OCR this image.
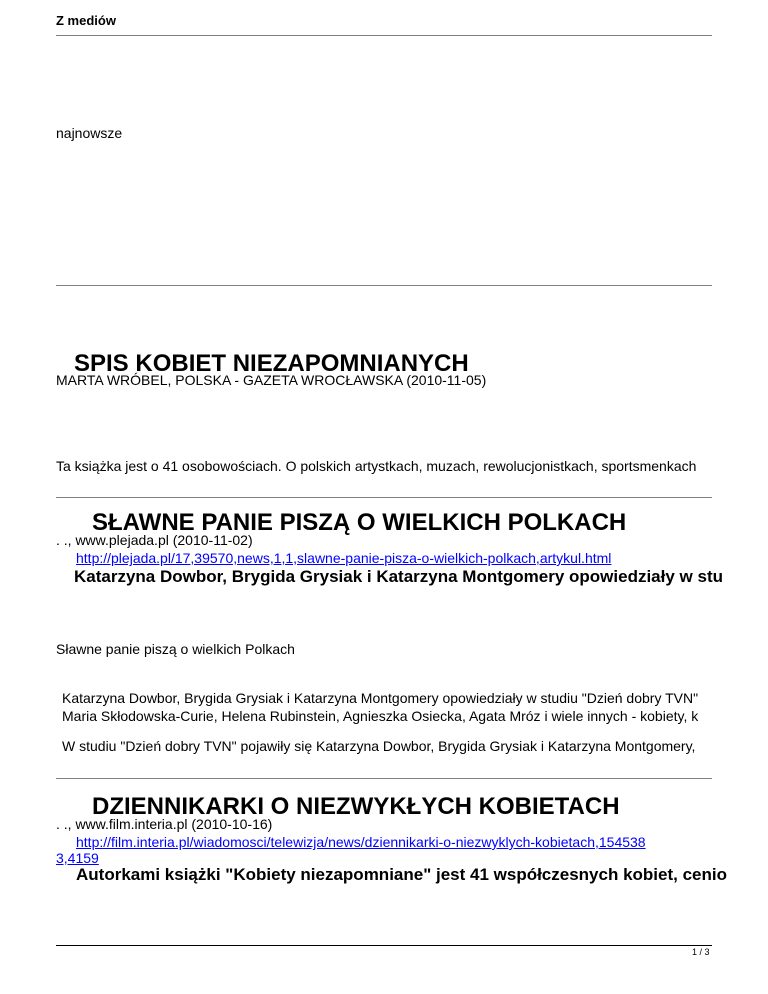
Z mediów
najnowsze
SPIS KOBIET NIEZAPOMNIANYCH
MARTA WRÓBEL, POLSKA - GAZETA WROCŁAWSKA (2010-11-05)
Ta książka jest o 41 osobowościach. O polskich artystkach, muzach, rewolucjonistkach, sportsmenkach
SŁAWNE PANIE PISZĄ O WIELKICH POLKACH
. ., www.plejada.pl (2010-11-02)
http://plejada.pl/17,39570,news,1,1,slawne-panie-pisza-o-wielkich-polkach,artykul.html
Katarzyna Dowbor, Brygida Grysiak i Katarzyna Montgomery opowiedziały w stu
Sławne panie piszą o wielkich Polkach
Katarzyna Dowbor, Brygida Grysiak i Katarzyna Montgomery opowiedziały w studiu "Dzień dobry TVN"
Maria Skłodowska-Curie, Helena Rubinstein, Agnieszka Osiecka, Agata Mróz i wiele innych - kobiety, k
W studiu "Dzień dobry TVN" pojawiły się Katarzyna Dowbor, Brygida Grysiak i Katarzyna Montgomery,
DZIENNIKARKI O NIEZWYKŁYCH KOBIETACH
. ., www.film.interia.pl (2010-10-16)
http://film.interia.pl/wiadomosci/telewizja/news/dziennikarki-o-niezwyklych-kobietach,154538
3,4159
Autorkami książki "Kobiety niezapomniane" jest 41 współczesnych kobiet, cenio
1 / 3
